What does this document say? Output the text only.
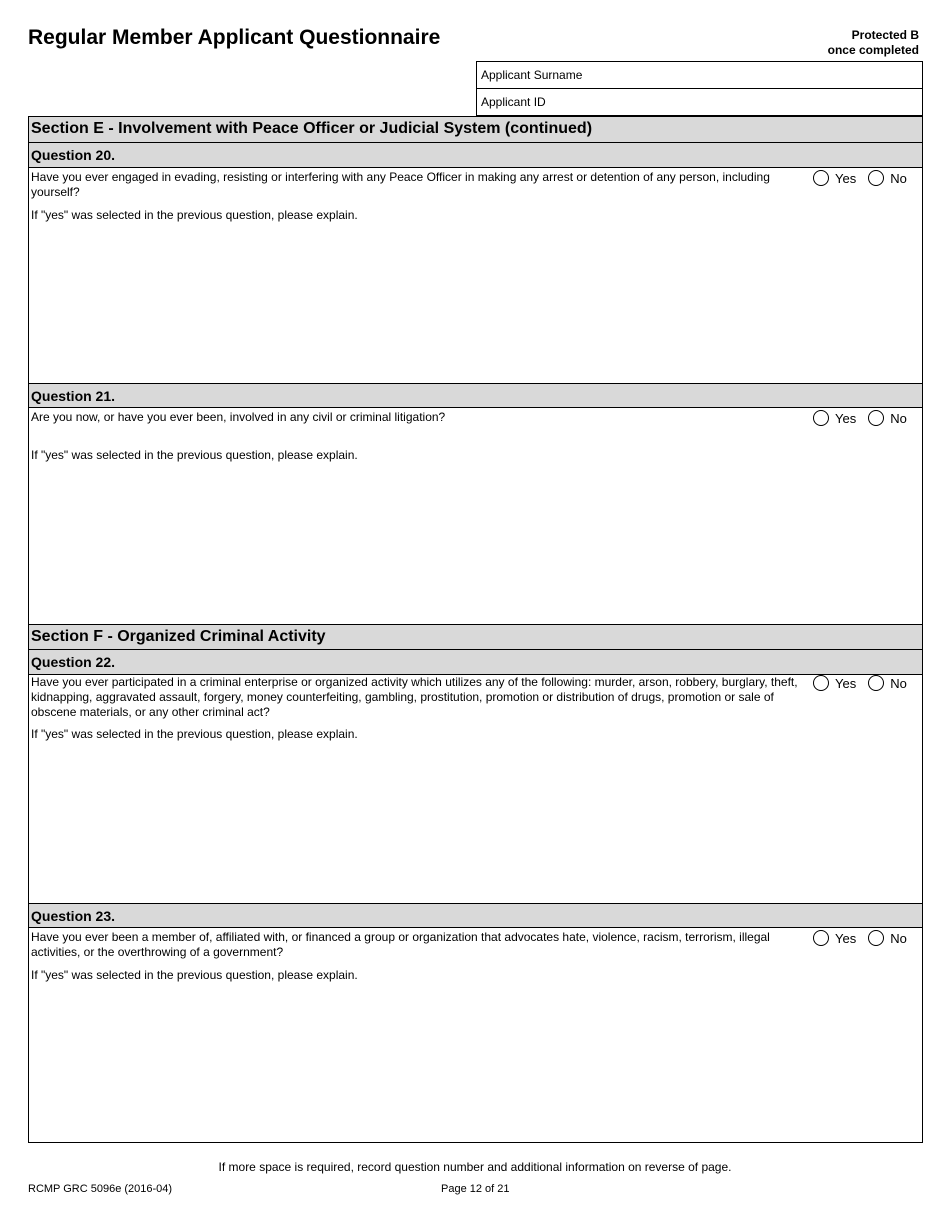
Regular Member Applicant Questionnaire	Protected B
once completed
Applicant Surname
Applicant ID
Section E - Involvement with Peace Officer or Judicial System (continued)
Question 20.
Have you ever engaged in evading, resisting or interfering with any Peace Officer in making any arrest or detention of any person, including yourself?
Yes	No
If "yes" was selected in the previous question, please explain.
Question 21.
Are you now, or have you ever been, involved in any civil or criminal litigation?	Yes	No
If "yes" was selected in the previous question, please explain.
Section F - Organized Criminal Activity
Question 22.
Have you ever participated in a criminal enterprise or organized activity which utilizes any of the following: murder, arson, robbery, burglary, theft, kidnapping, aggravated assault, forgery, money counterfeiting, gambling, prostitution, promotion or distribution of drugs, promotion or sale of obscene materials, or any other criminal act?
Yes	No
If "yes" was selected in the previous question, please explain.
Question 23.
Have you ever been a member of, affiliated with, or financed a group or organization that advocates hate, violence, racism, terrorism, illegal activities, or the overthrowing of a government?
Yes	No
If "yes" was selected in the previous question, please explain.
If more space is required, record question number and additional information on reverse of page.
RCMP GRC 5096e (2016-04)	Page 12 of 21
